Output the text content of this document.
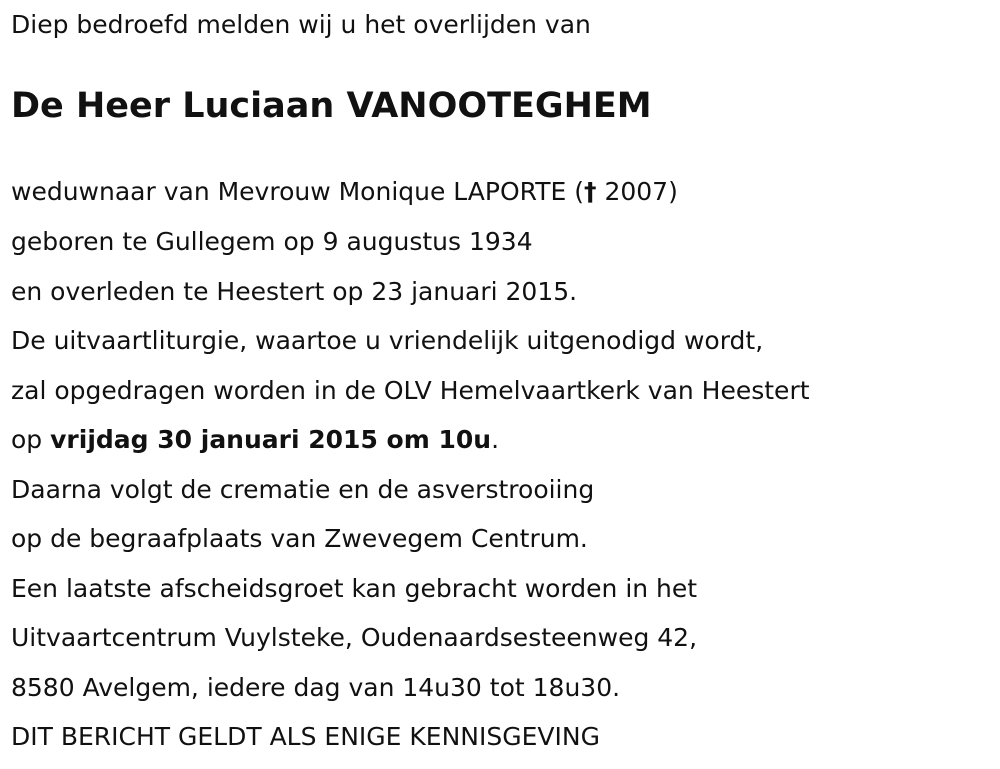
Diep bedroefd melden wij u het overlijden van

De Heer Luciaan VANOOTEGHEM

weduwnaar van Mevrouw Monique LAPORTE († 2007)

geboren te Gullegem op 9 augustus 1934

en overleden te Heestert op 23 januari 2015.

De uitvaartliturgie, waartoe u vriendelijk uitgenodigd wordt,

zal opgedragen worden in de OLV Hemelvaartkerk van Heestert

op vrijdag 30 januari 2015 om 10u.

Daarna volgt de crematie en de asverstrooiing

op de begraafplaats van Zwevegem Centrum.

Een laatste afscheidsgroet kan gebracht worden in het

Uitvaartcentrum Vuylsteke, Oudenaardsesteenweg 42,

8580 Avelgem, iedere dag van 14u30 tot 18u30.

DIT BERICHT GELDT ALS ENIGE KENNISGEVING
